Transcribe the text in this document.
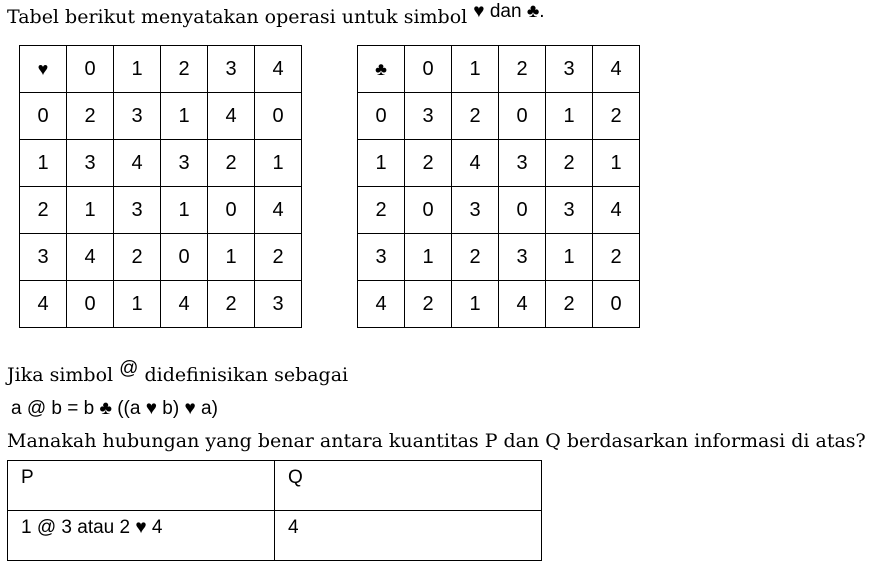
Tabel berikut menyatakan operasi untuk simbol ♥ dan ♣.
♥	0	1	2	3	4
0	2	3	1	4	0
1	3	4	3	2	1
2	1	3	1	0	4
3	4	2	0	1	2
4	0	1	4	2	3
♣	0	1	2	3	4
0	3	2	0	1	2
1	2	4	3	2	1
2	0	3	0	3	4
3	1	2	3	1	2
4	2	1	4	2	0
Jika simbol @ didefinisikan sebagai
a @ b = b ♣ ((a ♥ b) ♥ a)
Manakah hubungan yang benar antara kuantitas P dan Q berdasarkan informasi di atas?
P	Q
1 @ 3 atau 2 ♥ 4	4
